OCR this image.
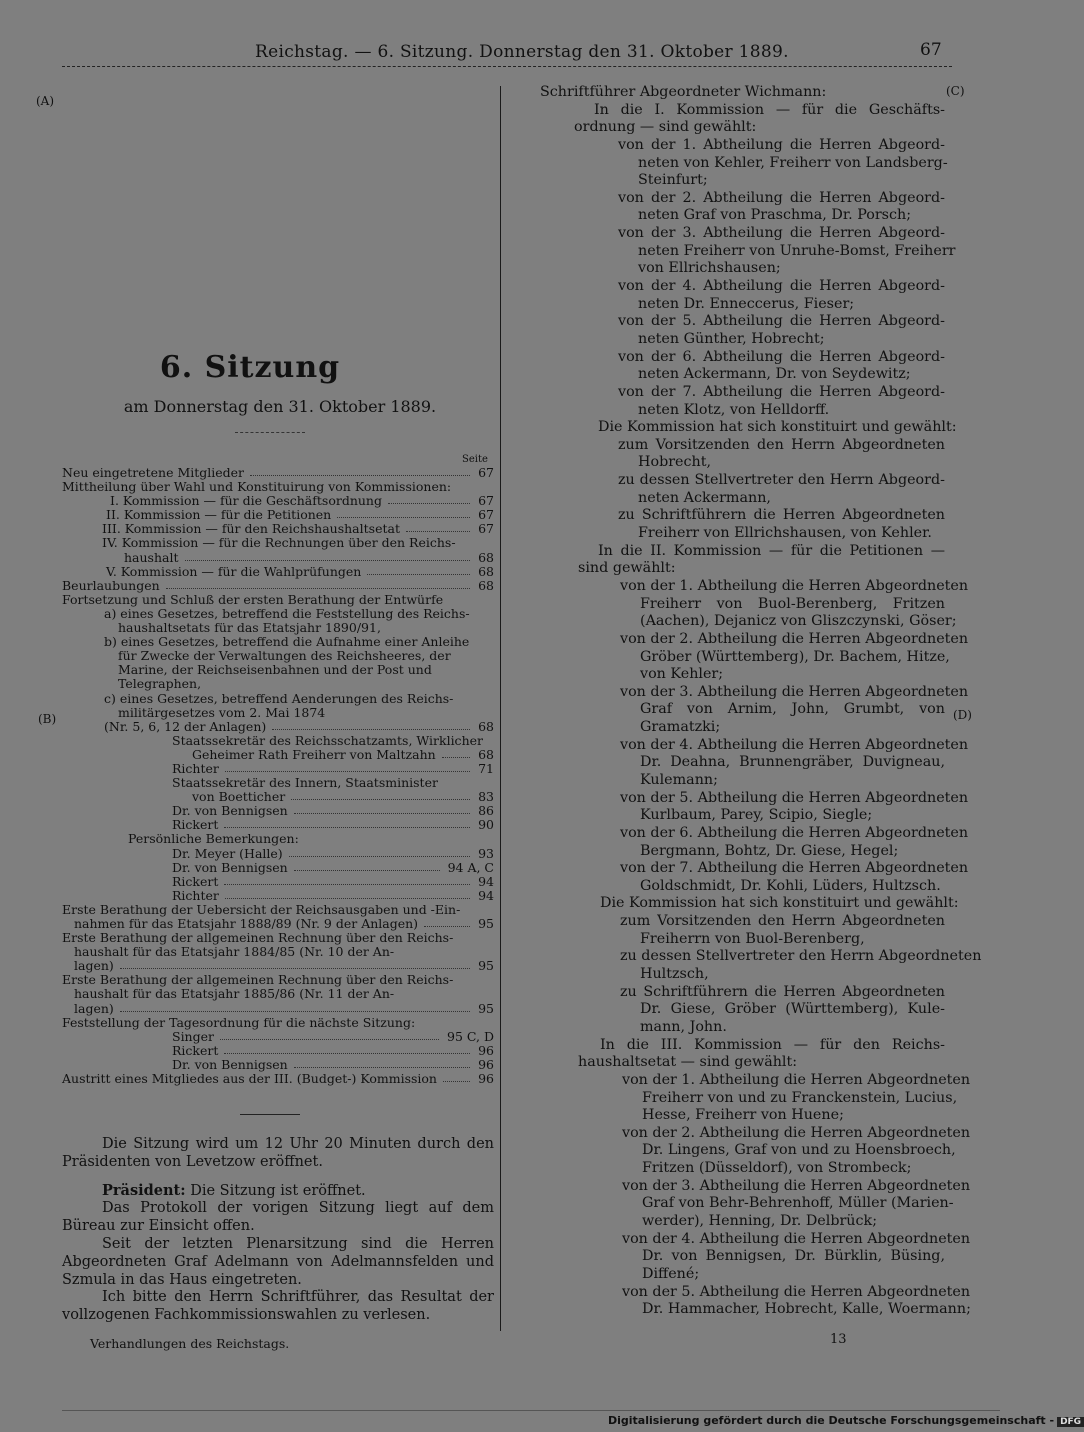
Reichstag. — 6. Sitzung. Donnerstag den 31. Oktober 1889.	67
(A)
(C)
(B)	(D)
6. Sitzung
am Donnerstag den 31. Oktober 1889.
Seite
Neu eingetretene Mitglieder	67
Mittheilung über Wahl und Konstituirung von Kommissionen:
I. Kommission — für die Geschäftsordnung	67
II. Kommission — für die Petitionen	67
III. Kommission — für den Reichshaushaltsetat	67
IV. Kommission — für die Rechnungen über den Reichs-
haushalt	68
V. Kommission — für die Wahlprüfungen	68
Beurlaubungen	68
Fortsetzung und Schluß der ersten Berathung der Entwürfe
a) eines Gesetzes, betreffend die Feststellung des Reichs-
haushaltsetats für das Etatsjahr 1890/91,
b) eines Gesetzes, betreffend die Aufnahme einer Anleihe
für Zwecke der Verwaltungen des Reichsheeres, der
Marine, der Reichseisenbahnen und der Post und
Telegraphen,
c) eines Gesetzes, betreffend Aenderungen des Reichs-
militärgesetzes vom 2. Mai 1874
(Nr. 5, 6, 12 der Anlagen)	68
Staatssekretär des Reichsschatzamts, Wirklicher
Geheimer Rath Freiherr von Maltzahn	68
Richter	71
Staatssekretär des Innern, Staatsminister
von Boetticher	83
Dr. von Bennigsen	86
Rickert	90
Persönliche Bemerkungen:
Dr. Meyer (Halle)	93
Dr. von Bennigsen	94 A, C
Rickert	94
Richter	94
Erste Berathung der Uebersicht der Reichsausgaben und -Ein-
nahmen für das Etatsjahr 1888/89 (Nr. 9 der Anlagen)	95
Erste Berathung der allgemeinen Rechnung über den Reichs-
haushalt für das Etatsjahr 1884/85 (Nr. 10 der An-
lagen)	95
Erste Berathung der allgemeinen Rechnung über den Reichs-
haushalt für das Etatsjahr 1885/86 (Nr. 11 der An-
lagen)	95
Feststellung der Tagesordnung für die nächste Sitzung:
Singer	95 C, D
Rickert	96
Dr. von Bennigsen	96
Austritt eines Mitgliedes aus der III. (Budget-) Kommission	96

Die Sitzung wird um 12 Uhr 20 Minuten durch den Präsidenten von Levetzow eröffnet.

Präsident: Die Sitzung ist eröffnet.

Das Protokoll der vorigen Sitzung liegt auf dem Büreau zur Einsicht offen.

Seit der letzten Plenarsitzung sind die Herren Abgeordneten Graf Adelmann von Adelmannsfelden und Szmula in das Haus eingetreten.

Ich bitte den Herrn Schriftführer, das Resultat der vollzogenen Fachkommissionswahlen zu verlesen.

Verhandlungen des Reichstags.
Schriftführer Abgeordneter Wichmann:
In die I. Kommission — für die Geschäfts-
ordnung — sind gewählt:
von der 1. Abtheilung die Herren Abgeord-
neten von Kehler, Freiherr von Landsberg-
Steinfurt;
von der 2. Abtheilung die Herren Abgeord-
neten Graf von Praschma, Dr. Porsch;
von der 3. Abtheilung die Herren Abgeord-
neten Freiherr von Unruhe-Bomst, Freiherr
von Ellrichshausen;
von der 4. Abtheilung die Herren Abgeord-
neten Dr. Enneccerus, Fieser;
von der 5. Abtheilung die Herren Abgeord-
neten Günther, Hobrecht;
von der 6. Abtheilung die Herren Abgeord-
neten Ackermann, Dr. von Seydewitz;
von der 7. Abtheilung die Herren Abgeord-
neten Klotz, von Helldorff.
Die Kommission hat sich konstituirt und gewählt:
zum Vorsitzenden den Herrn Abgeordneten
Hobrecht,
zu dessen Stellvertreter den Herrn Abgeord-
neten Ackermann,
zu Schriftführern die Herren Abgeordneten
Freiherr von Ellrichshausen, von Kehler.
In die II. Kommission — für die Petitionen —
sind gewählt:
von der 1. Abtheilung die Herren Abgeordneten
Freiherr von Buol-Berenberg, Fritzen
(Aachen), Dejanicz von Gliszczynski, Göser;
von der 2. Abtheilung die Herren Abgeordneten
Gröber (Württemberg), Dr. Bachem, Hitze,
von Kehler;
von der 3. Abtheilung die Herren Abgeordneten
Graf von Arnim, John, Grumbt, von
Gramatzki;
von der 4. Abtheilung die Herren Abgeordneten
Dr. Deahna, Brunnengräber, Duvigneau,
Kulemann;
von der 5. Abtheilung die Herren Abgeordneten
Kurlbaum, Parey, Scipio, Siegle;
von der 6. Abtheilung die Herren Abgeordneten
Bergmann, Bohtz, Dr. Giese, Hegel;
von der 7. Abtheilung die Herren Abgeordneten
Goldschmidt, Dr. Kohli, Lüders, Hultzsch.
Die Kommission hat sich konstituirt und gewählt:
zum Vorsitzenden den Herrn Abgeordneten
Freiherrn von Buol-Berenberg,
zu dessen Stellvertreter den Herrn Abgeordneten
Hultzsch,
zu Schriftführern die Herren Abgeordneten
Dr. Giese, Gröber (Württemberg), Kule-
mann, John.
In die III. Kommission — für den Reichs-
haushaltsetat — sind gewählt:
von der 1. Abtheilung die Herren Abgeordneten
Freiherr von und zu Franckenstein, Lucius,
Hesse, Freiherr von Huene;
von der 2. Abtheilung die Herren Abgeordneten
Dr. Lingens, Graf von und zu Hoensbroech,
Fritzen (Düsseldorf), von Strombeck;
von der 3. Abtheilung die Herren Abgeordneten
Graf von Behr-Behrenhoff, Müller (Marien-
werder), Henning, Dr. Delbrück;
von der 4. Abtheilung die Herren Abgeordneten
Dr. von Bennigsen, Dr. Bürklin, Büsing,
Diffené;
von der 5. Abtheilung die Herren Abgeordneten
Dr. Hammacher, Hobrecht, Kalle, Woermann;
13
Digitalisierung gefördert durch die Deutsche Forschungsgemeinschaft - DFG
